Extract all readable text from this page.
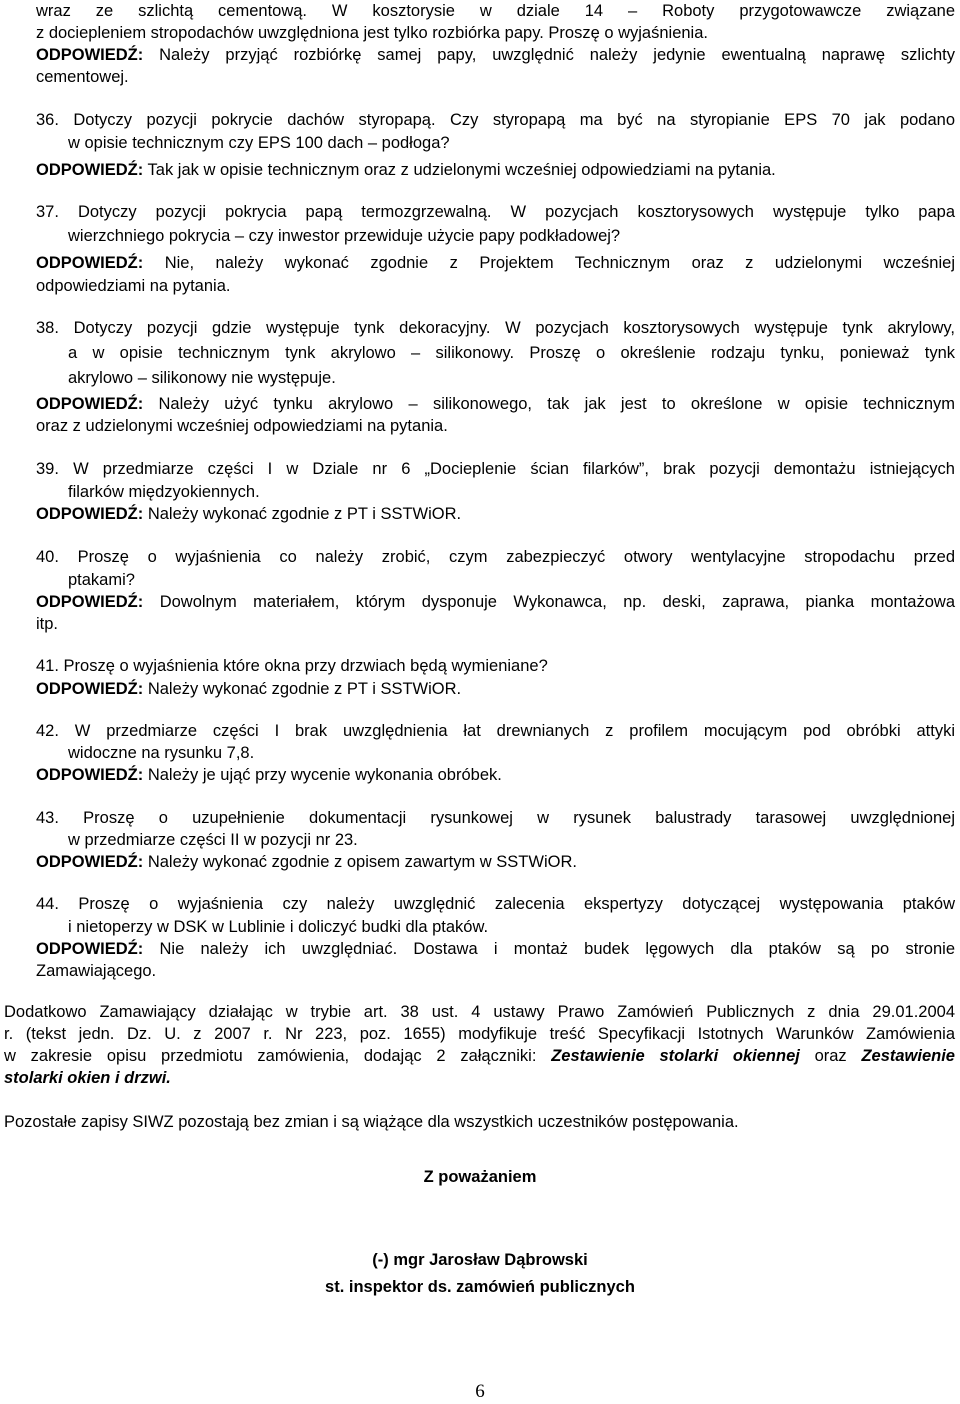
wraz ze szlichtą cementową. W kosztorysie w dziale 14 – Roboty przygotowawcze związane
z dociepleniem stropodachów uwzględniona jest tylko rozbiórka papy. Proszę o wyjaśnienia.
ODPOWIEDŹ: Należy przyjąć rozbiórkę samej papy, uwzględnić należy jedynie ewentualną naprawę szlichty
cementowej.
36. Dotyczy pozycji pokrycie dachów styropapą. Czy styropapą ma być na styropianie EPS 70 jak podano
w opisie technicznym czy EPS 100 dach – podłoga?
ODPOWIEDŹ: Tak jak w opisie technicznym oraz z udzielonymi wcześniej odpowiedziami na pytania.
37. Dotyczy pozycji pokrycia papą termozgrzewalną. W pozycjach kosztorysowych występuje tylko papa
wierzchniego pokrycia – czy inwestor przewiduje użycie papy podkładowej?
ODPOWIEDŹ: Nie, należy wykonać zgodnie z Projektem Technicznym oraz z udzielonymi wcześniej
odpowiedziami na pytania.
38. Dotyczy pozycji gdzie występuje tynk dekoracyjny. W pozycjach kosztorysowych występuje tynk akrylowy,
a w opisie technicznym tynk akrylowo – silikonowy. Proszę o określenie rodzaju tynku, ponieważ tynk
akrylowo – silikonowy nie występuje.
ODPOWIEDŹ: Należy użyć tynku akrylowo – silikonowego, tak jak jest to określone w opisie technicznym
oraz z udzielonymi wcześniej odpowiedziami na pytania.
39. W przedmiarze części I w Dziale nr 6 „Docieplenie ścian filarków”, brak pozycji demontażu istniejących
filarków międzyokiennych.
ODPOWIEDŹ: Należy wykonać zgodnie z PT i SSTWiOR.
40. Proszę o wyjaśnienia co należy zrobić, czym zabezpieczyć otwory wentylacyjne stropodachu przed
ptakami?
ODPOWIEDŹ: Dowolnym materiałem, którym dysponuje Wykonawca, np. deski, zaprawa, pianka montażowa
itp.
41. Proszę o wyjaśnienia które okna przy drzwiach będą wymieniane?
ODPOWIEDŹ: Należy wykonać zgodnie z PT i SSTWiOR.
42. W przedmiarze części I brak uwzględnienia łat drewnianych z profilem mocującym pod obróbki attyki
widoczne na rysunku 7,8.
ODPOWIEDŹ: Należy je ująć przy wycenie wykonania obróbek.
43. Proszę o uzupełnienie dokumentacji rysunkowej w rysunek balustrady tarasowej uwzględnionej
w przedmiarze części II w pozycji nr 23.
ODPOWIEDŹ: Należy wykonać zgodnie z opisem zawartym w SSTWiOR.
44. Proszę o wyjaśnienia czy należy uwzględnić zalecenia ekspertyzy dotyczącej występowania ptaków
i nietoperzy w DSK w Lublinie i doliczyć budki dla ptaków.
ODPOWIEDŹ: Nie należy ich uwzględniać. Dostawa i montaż budek lęgowych dla ptaków są po stronie
Zamawiającego.
Dodatkowo Zamawiający działając w trybie art. 38 ust. 4 ustawy Prawo Zamówień Publicznych z dnia 29.01.2004
r. (tekst jedn. Dz. U. z 2007 r. Nr 223, poz. 1655) modyfikuje treść Specyfikacji Istotnych Warunków Zamówienia
w zakresie opisu przedmiotu zamówienia, dodając 2 załączniki: Zestawienie stolarki okiennej oraz Zestawienie
stolarki okien i drzwi.
Pozostałe zapisy SIWZ pozostają bez zmian i są wiążące dla wszystkich uczestników postępowania.
Z poważaniem
(-) mgr Jarosław Dąbrowski
st. inspektor ds. zamówień publicznych
6
